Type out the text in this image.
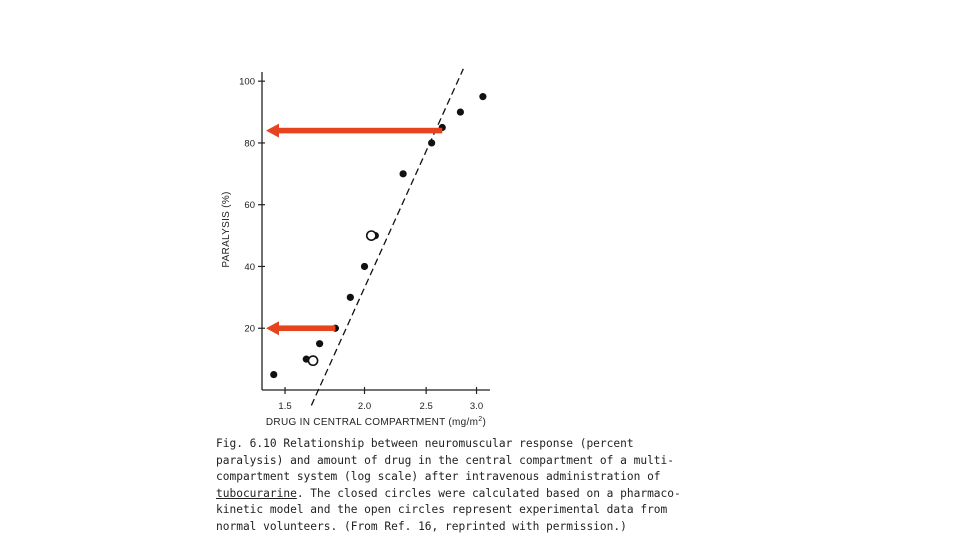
20
40
60
80
100
1.5	2.0	2.5	3.0
PARALYSIS (%)
DRUG IN CENTRAL COMPARTMENT $(mg/m^2)$
Fig. 6.10 Relationship between neuromuscular response (percent
paralysis) and amount of drug in the central compartment of a multi-
compartment system (log scale) after intravenous administration of
tubocurarine. The closed circles were calculated based on a pharmaco-
kinetic model and the open circles represent experimental data from
normal volunteers. (From Ref. 16, reprinted with permission.)
